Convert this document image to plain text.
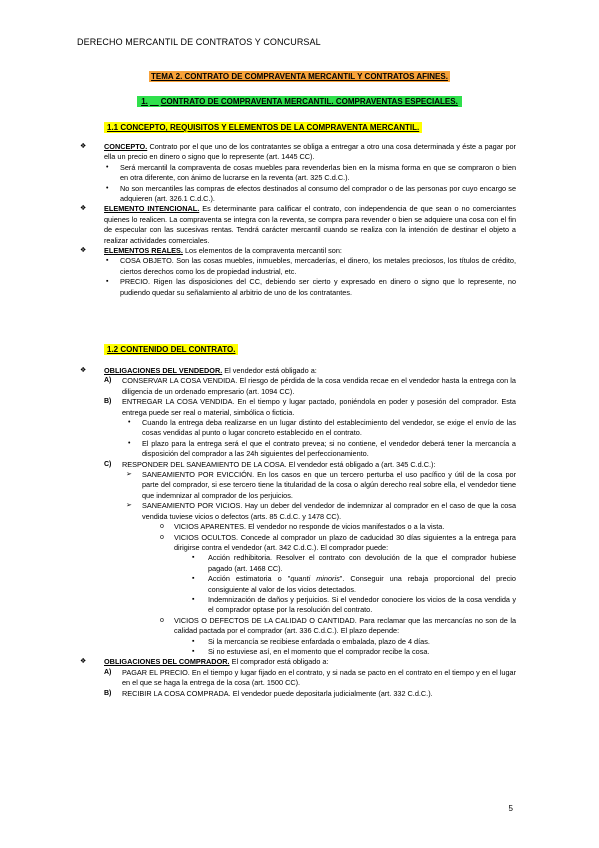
DERECHO MERCANTIL DE CONTRATOS Y CONCURSAL
TEMA 2. CONTRATO DE COMPRAVENTA MERCANTIL Y CONTRATOS AFINES.
1. CONTRATO DE COMPRAVENTA MERCANTIL. COMPRAVENTAS ESPECIALES.
1.1 CONCEPTO, REQUISITOS Y ELEMENTOS DE LA COMPRAVENTA MERCANTIL.
❖ CONCEPTO. Contrato por el que uno de los contratantes se obliga a entregar a otro una cosa determinada y éste a pagar por ella un precio en dinero o signo que lo represente (art. 1445 CC).
• Será mercantil la compraventa de cosas muebles para revenderlas bien en la misma forma en que se compraron o bien en otra diferente, con ánimo de lucrarse en la reventa (art. 325 C.d.C.).
• No son mercantiles las compras de efectos destinados al consumo del comprador o de las personas por cuyo encargo se adquieren (art. 326.1 C.d.C.).
❖ ELEMENTO INTENCIONAL. Es determinante para calificar el contrato, con independencia de que sean o no comerciantes quienes lo realicen. La compraventa se integra con la reventa, se compra para revender o bien se adquiere una cosa con el fin de especular con las sucesivas rentas. Tendrá carácter mercantil cuando se realiza con la intención de destinar el objeto a realizar actividades comerciales.
❖ ELEMENTOS REALES. Los elementos de la compraventa mercantil son:
▪ COSA OBJETO. Son las cosas muebles, inmuebles, mercaderías, el dinero, los metales preciosos, los títulos de crédito, ciertos derechos como los de propiedad industrial, etc.
▪ PRECIO. Rigen las disposiciones del CC, debiendo ser cierto y expresado en dinero o signo que lo represente, no pudiendo quedar su señalamiento al arbitrio de uno de los contratantes.
1.2 CONTENIDO DEL CONTRATO.
❖ OBLIGACIONES DEL VENDEDOR. El vendedor está obligado a:
A) CONSERVAR LA COSA VENDIDA. El riesgo de pérdida de la cosa vendida recae en el vendedor hasta la entrega con la diligencia de un ordenado empresario (art. 1094 CC).
B) ENTREGAR LA COSA VENDIDA. En el tiempo y lugar pactado, poniéndola en poder y posesión del comprador. Esta entrega puede ser real o material, simbólica o ficticia.
• Cuando la entrega deba realizarse en un lugar distinto del establecimiento del vendedor, se exige el envío de las cosas vendidas al punto o lugar concreto establecido en el contrato.
• El plazo para la entrega será el que el contrato prevea; si no contiene, el vendedor deberá tener la mercancía a disposición del comprador a las 24h siguientes del perfeccionamiento.
C) RESPONDER DEL SANEAMIENTO DE LA COSA. El vendedor está obligado a (art. 345 C.d.C.):
➢ SANEAMIENTO POR EVICCIÓN. En los casos en que un tercero perturba el uso pacífico y útil de la cosa por parte del comprador, si ese tercero tiene la titularidad de la cosa o algún derecho real sobre ella, el vendedor tiene que indemnizar al comprador de los perjuicios.
➢ SANEAMIENTO POR VICIOS. Hay un deber del vendedor de indemnizar al comprador en el caso de que la cosa vendida tuviese vicios o defectos (arts. 85 C.d.C. y 1478 CC).
o VICIOS APARENTES. El vendedor no responde de vicios manifestados o a la vista.
o VICIOS OCULTOS. Concede al comprador un plazo de caducidad 30 días siguientes a la entrega para dirigirse contra el vendedor (art. 342 C.d.C.). El comprador puede:
▪ Acción redhibitoria. Resolver el contrato con devolución de la que el comprador hubiese pagado (art. 1468 CC).
▪ Acción estimatoria o "quanti minoris". Conseguir una rebaja proporcional del precio consiguiente al valor de los vicios detectados.
▪ Indemnización de daños y perjuicios. Si el vendedor conociere los vicios de la cosa vendida y el comprador optase por la resolución del contrato.
o VICIOS O DEFECTOS DE LA CALIDAD O CANTIDAD. Para reclamar que las mercancías no son de la calidad pactada por el comprador (art. 336 C.d.C.). El plazo depende:
▪ Si la mercancía se recibiese enfardada o embalada, plazo de 4 días.
▪ Si no estuviese así, en el momento que el comprador recibe la cosa.
❖ OBLIGACIONES DEL COMPRADOR. El comprador está obligado a:
A) PAGAR EL PRECIO. En el tiempo y lugar fijado en el contrato, y si nada se pacto en el contrato en el tiempo y en el lugar en el que se haga la entrega de la cosa (art. 1500 CC).
B) RECIBIR LA COSA COMPRADA. El vendedor puede depositarla judicialmente (art. 332 C.d.C.).
5
